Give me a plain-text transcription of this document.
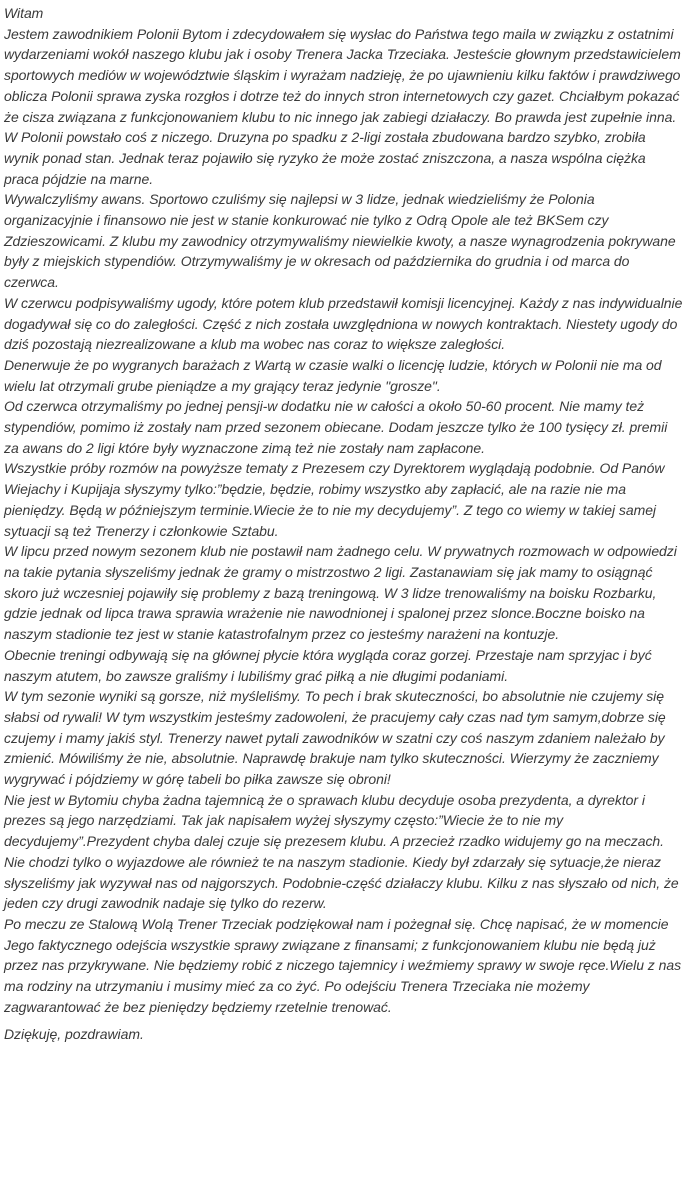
Witam

Jestem zawodnikiem Polonii Bytom i zdecydowałem się wysłac do Państwa tego maila w związku z ostatnimi wydarzeniami wokół naszego klubu jak i osoby Trenera Jacka Trzeciaka. Jesteście głownym przedstawicielem sportowych mediów w województwie śląskim i wyrażam nadzieję, że po ujawnieniu kilku faktów i prawdziwego oblicza Polonii sprawa zyska rozgłos i dotrze też do innych stron internetowych czy gazet. Chciałbym pokazać że cisza związana z funkcjonowaniem klubu to nic innego jak zabiegi działaczy. Bo prawda jest zupełnie inna.

W Polonii powstało coś z niczego. Druzyna po spadku z 2-ligi została zbudowana bardzo szybko, zrobiła wynik ponad stan. Jednak teraz pojawiło się ryzyko że może zostać zniszczona, a nasza wspólna ciężka praca pójdzie na marne.

Wywalczyliśmy awans. Sportowo czuliśmy się najlepsi w 3 lidze, jednak wiedzieliśmy że Polonia organizacyjnie i finansowo nie jest w stanie konkurować nie tylko z Odrą Opole ale też BKSem czy Zdzieszowicami. Z klubu my zawodnicy otrzymywaliśmy niewielkie kwoty, a nasze wynagrodzenia pokrywane były z miejskich stypendiów. Otrzymywaliśmy je w okresach od października do grudnia i od marca do czerwca.

W czerwcu podpisywaliśmy ugody, które potem klub przedstawił komisji licencyjnej. Każdy z nas indywidualnie dogadywał się co do zaległości. Część z nich została uwzględniona w nowych kontraktach. Niestety ugody do dziś pozostają niezrealizowane a klub ma wobec nas coraz to większe zaległości.

Denerwuje że po wygranych barażach z Wartą w czasie walki o licencję ludzie, których w Polonii nie ma od wielu lat otrzymali grube pieniądze a my grający teraz jedynie "grosze".

Od czerwca otrzymaliśmy po jednej pensji-w dodatku nie w całości a około 50-60 procent. Nie mamy też stypendiów, pomimo iż zostały nam przed sezonem obiecane. Dodam jeszcze tylko że 100 tysięcy zł. premii za awans do 2 ligi które były wyznaczone zimą też nie zostały nam zapłacone.

Wszystkie próby rozmów na powyższe tematy z Prezesem czy Dyrektorem wyglądają podobnie. Od Panów Wiejachy i Kupijaja słyszymy tylko:”będzie, będzie, robimy wszystko aby zapłacić, ale na razie nie ma pieniędzy. Będą w późniejszym terminie.Wiecie że to nie my decydujemy”. Z tego co wiemy w takiej samej sytuacji są też Trenerzy i członkowie Sztabu.

W lipcu przed nowym sezonem klub nie postawił nam żadnego celu. W prywatnych rozmowach w odpowiedzi na takie pytania słyszeliśmy jednak że gramy o mistrzostwo 2 ligi. Zastanawiam się jak mamy to osiągnąć skoro już wczesniej pojawiły się problemy z bazą treningową. W 3 lidze trenowaliśmy na boisku Rozbarku, gdzie jednak od lipca trawa sprawia wrażenie nie nawodnionej i spalonej przez slonce.Boczne boisko na naszym stadionie tez jest w stanie katastrofalnym przez co jesteśmy narażeni na kontuzje.

Obecnie treningi odbywają się na głównej płycie która wygląda coraz gorzej. Przestaje nam sprzyjac i być naszym atutem, bo zawsze graliśmy i lubiliśmy grać piłką a nie długimi podaniami.

W tym sezonie wyniki są gorsze, niż myśleliśmy. To pech i brak skuteczności, bo absolutnie nie czujemy się słabsi od rywali! W tym wszystkim jesteśmy zadowoleni, że pracujemy cały czas nad tym samym,dobrze się czujemy i mamy jakiś styl. Trenerzy nawet pytali zawodników w szatni czy coś naszym zdaniem należało by zmienić. Mówiliśmy że nie, absolutnie. Naprawdę brakuje nam tylko skuteczności. Wierzymy że zaczniemy wygrywać i pójdziemy w górę tabeli bo piłka zawsze się obroni!

Nie jest w Bytomiu chyba żadna tajemnicą że o sprawach klubu decyduje osoba prezydenta, a dyrektor i prezes są jego narzędziami. Tak jak napisałem wyżej słyszymy często:”Wiecie że to nie my decydujemy”.Prezydent chyba dalej czuje się prezesem klubu. A przecież rzadko widujemy go na meczach. Nie chodzi tylko o wyjazdowe ale również te na naszym stadionie. Kiedy był zdarzały się sytuacje,że nieraz słyszeliśmy jak wyzywał nas od najgorszych. Podobnie-część działaczy klubu. Kilku z nas słyszało od nich, że jeden czy drugi zawodnik nadaje się tylko do rezerw.

Po meczu ze Stalową Wolą Trener Trzeciak podziękował nam i pożegnał się. Chcę napisać, że w momencie Jego faktycznego odejścia wszystkie sprawy związane z finansami; z funkcjonowaniem klubu nie będą już przez nas przykrywane. Nie będziemy robić z niczego tajemnicy i weźmiemy sprawy w swoje ręce.Wielu z nas ma rodziny na utrzymaniu i musimy mieć za co żyć. Po odejściu Trenera Trzeciaka nie możemy zagwarantować że bez pieniędzy będziemy rzetelnie trenować.

Dziękuję, pozdrawiam.
